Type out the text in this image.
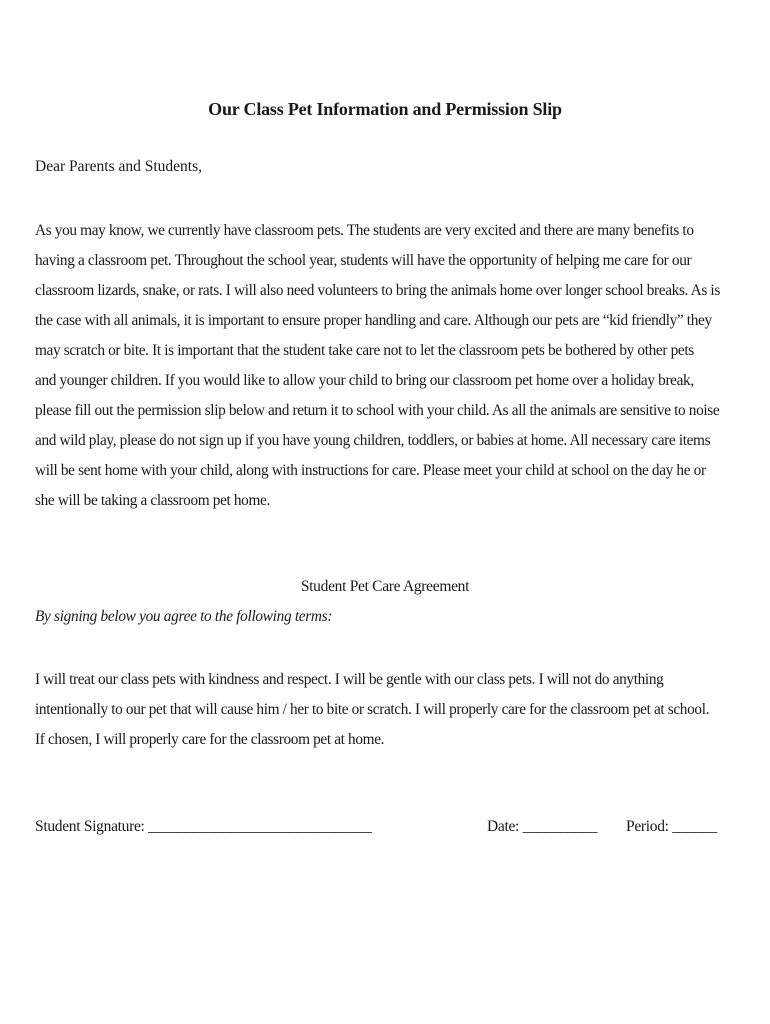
Our Class Pet Information and Permission Slip
Dear Parents and Students,
As you may know, we currently have classroom pets. The students are very excited and there are many benefits to
having a classroom pet. Throughout the school year, students will have the opportunity of helping me care for our
classroom lizards, snake, or rats. I will also need volunteers to bring the animals home over longer school breaks. As is
the case with all animals, it is important to ensure proper handling and care. Although our pets are “kid friendly” they
may scratch or bite. It is important that the student take care not to let the classroom pets be bothered by other pets
and younger children. If you would like to allow your child to bring our classroom pet home over a holiday break,
please fill out the permission slip below and return it to school with your child. As all the animals are sensitive to noise
and wild play, please do not sign up if you have young children, toddlers, or babies at home. All necessary care items
will be sent home with your child, along with instructions for care. Please meet your child at school on the day he or
she will be taking a classroom pet home.
Student Pet Care Agreement
By signing below you agree to the following terms:
I will treat our class pets with kindness and respect. I will be gentle with our class pets. I will not do anything
intentionally to our pet that will cause him / her to bite or scratch. I will properly care for the classroom pet at school.
If chosen, I will properly care for the classroom pet at home.
Student Signature: ______________________________	Date: __________ Period: ______
